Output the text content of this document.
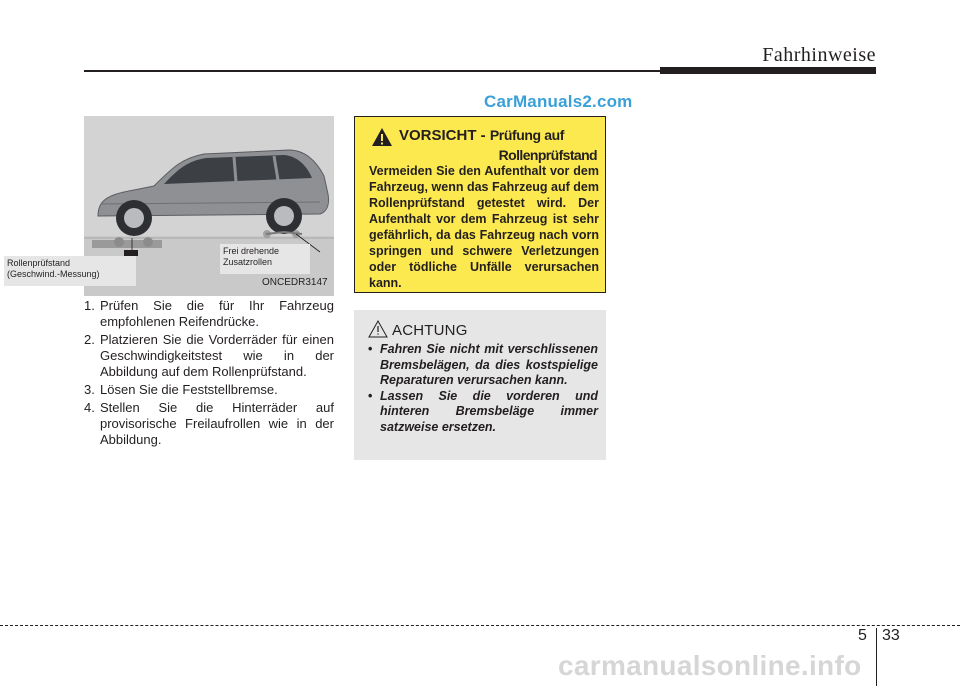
Fahrhinweise
CarManuals2.com
Rollenprüfstand
(Geschwind.-Messung)
Frei drehende
Zusatzrollen
ONCEDR3147
1. Prüfen Sie die für Ihr Fahrzeug empfohlenen Reifendrücke.
2. Platzieren Sie die Vorderräder für einen Geschwindigkeitstest wie in der Abbildung auf dem Rollenprüfstand.
3. Lösen Sie die Feststellbremse.
4. Stellen Sie die Hinterräder auf provisorische Freilaufrollen wie in der Abbildung.
VORSICHT - Prüfung auf
Rollenprüfstand
Vermeiden Sie den Aufenthalt vor dem Fahrzeug, wenn das Fahrzeug auf dem Rollenprüfstand getestet wird. Der Aufenthalt vor dem Fahrzeug ist sehr gefährlich, da das Fahrzeug nach vorn springen und schwere Verletzungen oder tödliche Unfälle verursachen kann.
ACHTUNG
• Fahren Sie nicht mit verschlissenen Bremsbelägen, da dies kostspielige Reparaturen verursachen kann.
• Lassen Sie die vorderen und hinteren Bremsbeläge immer satzweise ersetzen.
5 33
carmanualsonline.info
